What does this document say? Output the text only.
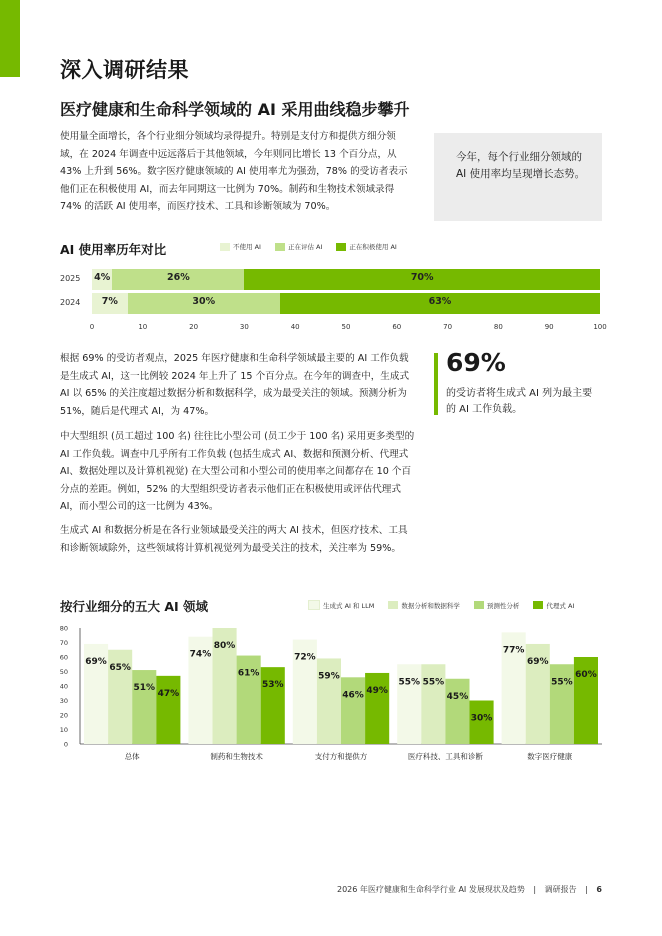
深入调研结果
医疗健康和生命科学领域的 AI 采用曲线稳步攀升

使用量全面增长，各个行业细分领域均录得提升。特别是支付方和提供方细分领域，在 2024 年调查中远远落后于其他领域，今年则同比增长 13 个百分点，从 43% 上升到 56%。数字医疗健康领域的 AI 使用率尤为强劲，78% 的受访者表示他们正在积极使用 AI，而去年同期这一比例为 70%。制药和生物技术领域录得 74% 的活跃 AI 使用率，而医疗技术、工具和诊断领域为 70%。

今年，每个行业细分领域的 AI 使用率均呈现增长态势。

AI 使用率历年对比	不使用 AI	正在评估 AI	正在积极使用 AI
2025 4%	26%	70%
2024	7%	30%	63%
0	10	20	30	40	50	60	70	80	90	100
69%

的受访者将生成式 AI 列为最主要的 AI 工作负载。

根据 69% 的受访者观点，2025 年医疗健康和生命科学领域最主要的 AI 工作负载是生成式 AI，这一比例较 2024 年上升了 15 个百分点。在今年的调查中，生成式 AI 以 65% 的关注度超过数据分析和数据科学，成为最受关注的领域。预测分析为 51%，随后是代理式 AI，为 47%。

中大型组织 (员工超过 100 名) 往往比小型公司 (员工少于 100 名) 采用更多类型的 AI 工作负载。调查中几乎所有工作负载 (包括生成式 AI、数据和预测分析、代理式 AI、数据处理以及计算机视觉) 在大型公司和小型公司的使用率之间都存在 10 个百分点的差距。例如，52% 的大型组织受访者表示他们正在积极使用或评估代理式 AI，而小型公司的这一比例为 43%。

生成式 AI 和数据分析是在各行业领域最受关注的两大 AI 技术，但医疗技术、工具和诊断领域除外，这些领域将计算机视觉列为最受关注的技术，关注率为 59%。

按行业细分的五大 AI 领域	生成式 AI 和 LLM	数据分析和数据科学	预测性分析	代理式 AI
0
10
20
30
40
50
60
70
80
69%
65%
51%
47%
总体
74%
80%
61%
53%
制药和生物技术
72%
59%
46% 49%
支付方和提供方
55% 55%
45%
30%
医疗科技、工具和诊断
77%
69%
55%
60%
数字医疗健康
2026 年医疗健康和生命科学行业 AI 发展现状及趋势 | 调研报告 | 6
